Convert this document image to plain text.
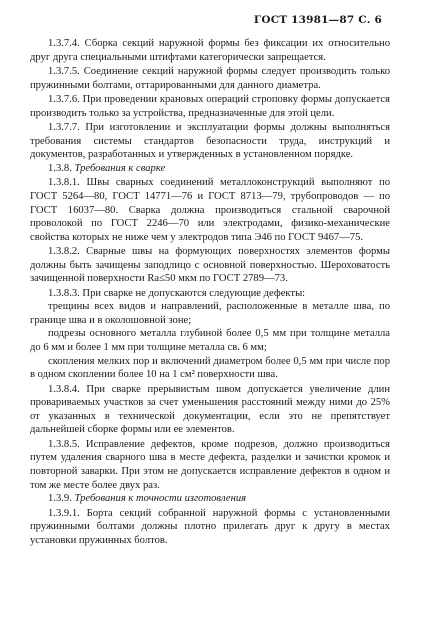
ГОСТ 13981—87 С. 6

1.3.7.4. Сборка секций наружной формы без фиксации их относительно друг друга специальными штифтами категорически запрещается.

1.3.7.5. Соединение секций наружной формы следует производить только пружинными болтами, оттарированными для данного диаметра.

1.3.7.6. При проведении крановых операций строповку формы допускается производить только за устройства, предназначенные для этой цели.

1.3.7.7. При изготовлении и эксплуатации формы должны выполняться требования системы стандартов безопасности труда, инструкций и документов, разработанных и утвержденных в установленном порядке.

1.3.8. Требования к сварке

1.3.8.1. Швы сварных соединений металлоконструкций выполняют по ГОСТ 5264—80, ГОСТ 14771—76 и ГОСТ 8713—79, трубопроводов — по ГОСТ 16037—80. Сварка должна производиться стальной сварочной проволокой по ГОСТ 2246—70 или электродами, физико-механические свойства которых не ниже чем у электродов типа Э46 по ГОСТ 9467—75.

1.3.8.2. Сварные швы на формующих поверхностях элементов формы должны быть зачищены заподлицо с основной поверхностью. Шероховатость зачищенной поверхности Ra≤50 мкм по ГОСТ 2789—73.

1.3.8.3. При сварке не допускаются следующие дефекты:

трещины всех видов и направлений, расположенные в металле шва, по границе шва и в околошовной зоне;

подрезы основного металла глубиной более 0,5 мм при толщине металла до 6 мм и более 1 мм при толщине металла св. 6 мм;

скопления мелких пор и включений диаметром более 0,5 мм при числе пор в одном скоплении более 10 на 1 см² поверхности шва.

1.3.8.4. При сварке прерывистым швом допускается увеличение длин провариваемых участков за счет уменьшения расстояний между ними до 25% от указанных в технической документации, если это не препятствует дальнейшей сборке формы или ее элементов.

1.3.8.5. Исправление дефектов, кроме подрезов, должно производиться путем удаления сварного шва в месте дефекта, разделки и зачистки кромок и повторной заварки. При этом не допускается исправление дефектов в одном и том же месте более двух раз.

1.3.9. Требования к точности изготовления

1.3.9.1. Борта секций собранной наружной формы с установленными пружинными болтами должны плотно прилегать друг к другу в местах установки пружинных болтов.
